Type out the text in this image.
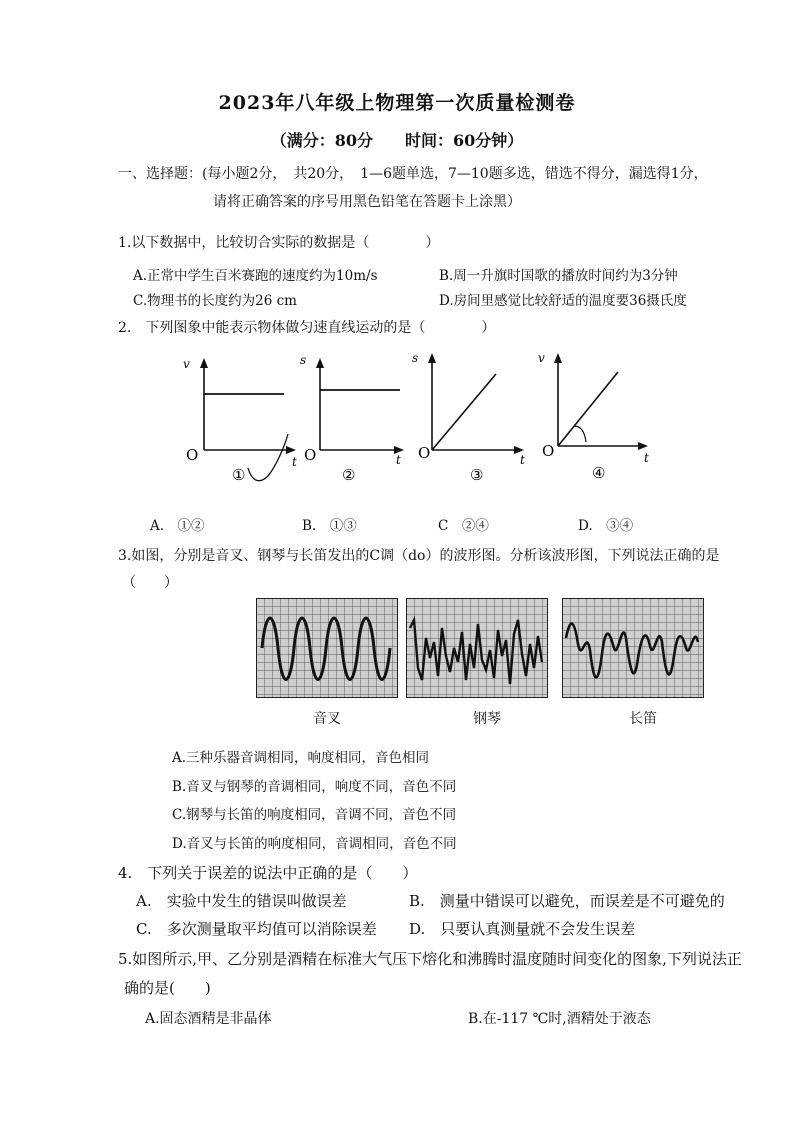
2023年八年级上物理第一次质量检测卷
（满分：80分　　时间：60分钟）
一、选择题：(每小题2分，　共20分，　1—6题单选，7—10题多选，错选不得分，漏选得1分，
请将正确答案的序号用黑色铅笔在答题卡上涂黑）
1.以下数据中，比较切合实际的数据是（　　　　）
A.正常中学生百米赛跑的速度约为10m/s	B.周一升旗时国歌的播放时间约为3分钟
C.物理书的长度约为26 cm	D.房间里感觉比较舒适的温度要36摄氏度
2.　下列图象中能表示物体做匀速直线运动的是（　　　　）
v
t
O
①
s
t
O
②
s
t
O
③
v
t
O
④
A.　①②	B.　①③	C　②④	D.　③④
3.如图，分别是音叉、钢琴与长笛发出的C调（do）的波形图。分析该波形图，下列说法正确的是
（　　）
音叉	钢琴	长笛
A.三种乐器音调相同，响度相同，音色相同
B.音叉与钢琴的音调相同，响度不同，音色不同
C.钢琴与长笛的响度相同，音调不同，音色不同
D.音叉与长笛的响度相同，音调相同，音色不同
4.　下列关于误差的说法中正确的是（　　）
A.　实验中发生的错误叫做误差	B.　测量中错误可以避免，而误差是不可避免的
C.　多次测量取平均值可以消除误差 D.　只要认真测量就不会发生误差
5.如图所示,甲、乙分别是酒精在标准大气压下熔化和沸腾时温度随时间变化的图象,下列说法正
确的是(　　)
A.固态酒精是非晶体	B.在-117 ℃时,酒精处于液态
